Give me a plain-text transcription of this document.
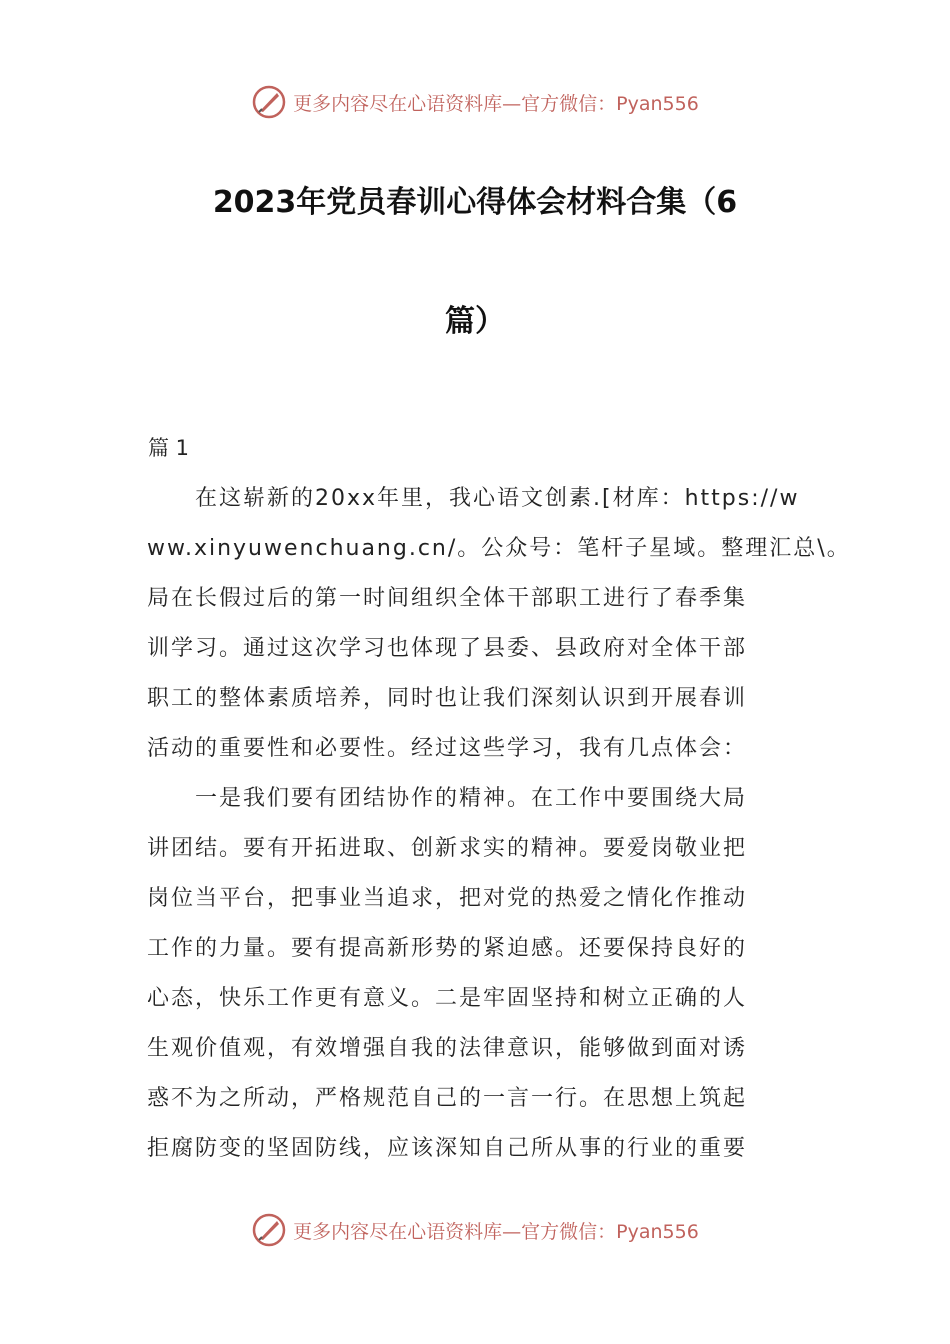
更多内容尽在心语资料库—官方微信：Pyan556
2023年党员春训心得体会材料合集（6
篇）
篇 1
　　在这崭新的20xx年里，我心语文创素.[材库：https://w
ww.xinyuwenchuang.cn/。公众号：笔杆子星域。整理汇总\。
局在长假过后的第一时间组织全体干部职工进行了春季集
训学习。通过这次学习也体现了县委、县政府对全体干部
职工的整体素质培养，同时也让我们深刻认识到开展春训
活动的重要性和必要性。经过这些学习，我有几点体会：
　　一是我们要有团结协作的精神。在工作中要围绕大局
讲团结。要有开拓进取、创新求实的精神。要爱岗敬业把
岗位当平台，把事业当追求，把对党的热爱之情化作推动
工作的力量。要有提高新形势的紧迫感。还要保持良好的
心态，快乐工作更有意义。二是牢固坚持和树立正确的人
生观价值观，有效增强自我的法律意识，能够做到面对诱
惑不为之所动，严格规范自己的一言一行。在思想上筑起
拒腐防变的坚固防线，应该深知自己所从事的行业的重要
更多内容尽在心语资料库—官方微信：Pyan556
